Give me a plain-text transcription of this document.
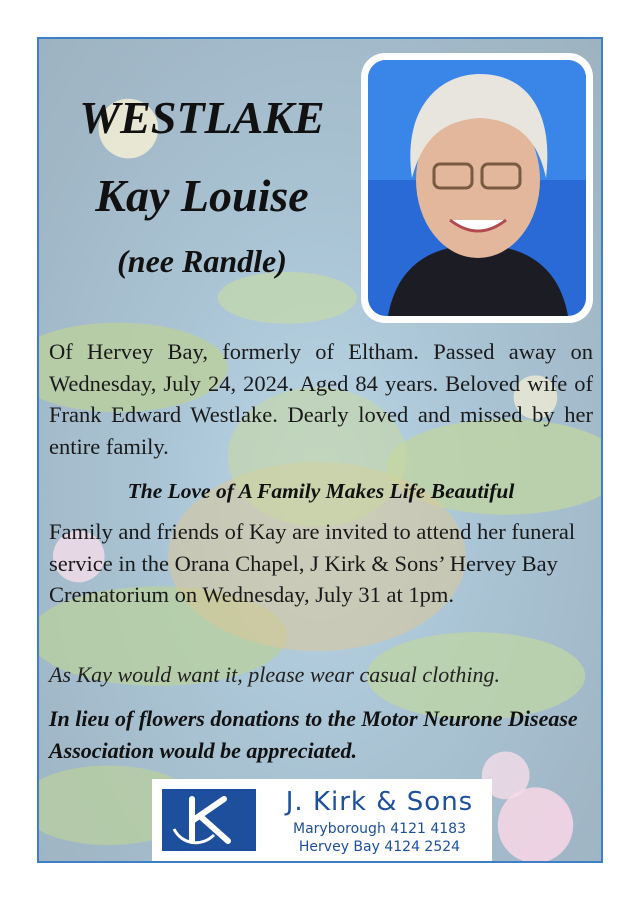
WESTLAKE
Kay Louise
(nee Randle)

Of Hervey Bay, formerly of Eltham. Passed away on Wednesday, July 24, 2024. Aged 84 years. Beloved wife of Frank Edward Westlake. Dearly loved and missed by her entire family.

The Love of A Family Makes Life Beautiful

Family and friends of Kay are invited to attend her funeral service in the Orana Chapel, J Kirk & Sons’ Hervey Bay Crematorium on Wednesday, July 31 at 1pm.

As Kay would want it, please wear casual clothing.
In lieu of flowers donations to the Motor Neurone Disease Association would be appreciated.
J. Kirk & Sons
Maryborough 4121 4183
Hervey Bay 4124 2524
